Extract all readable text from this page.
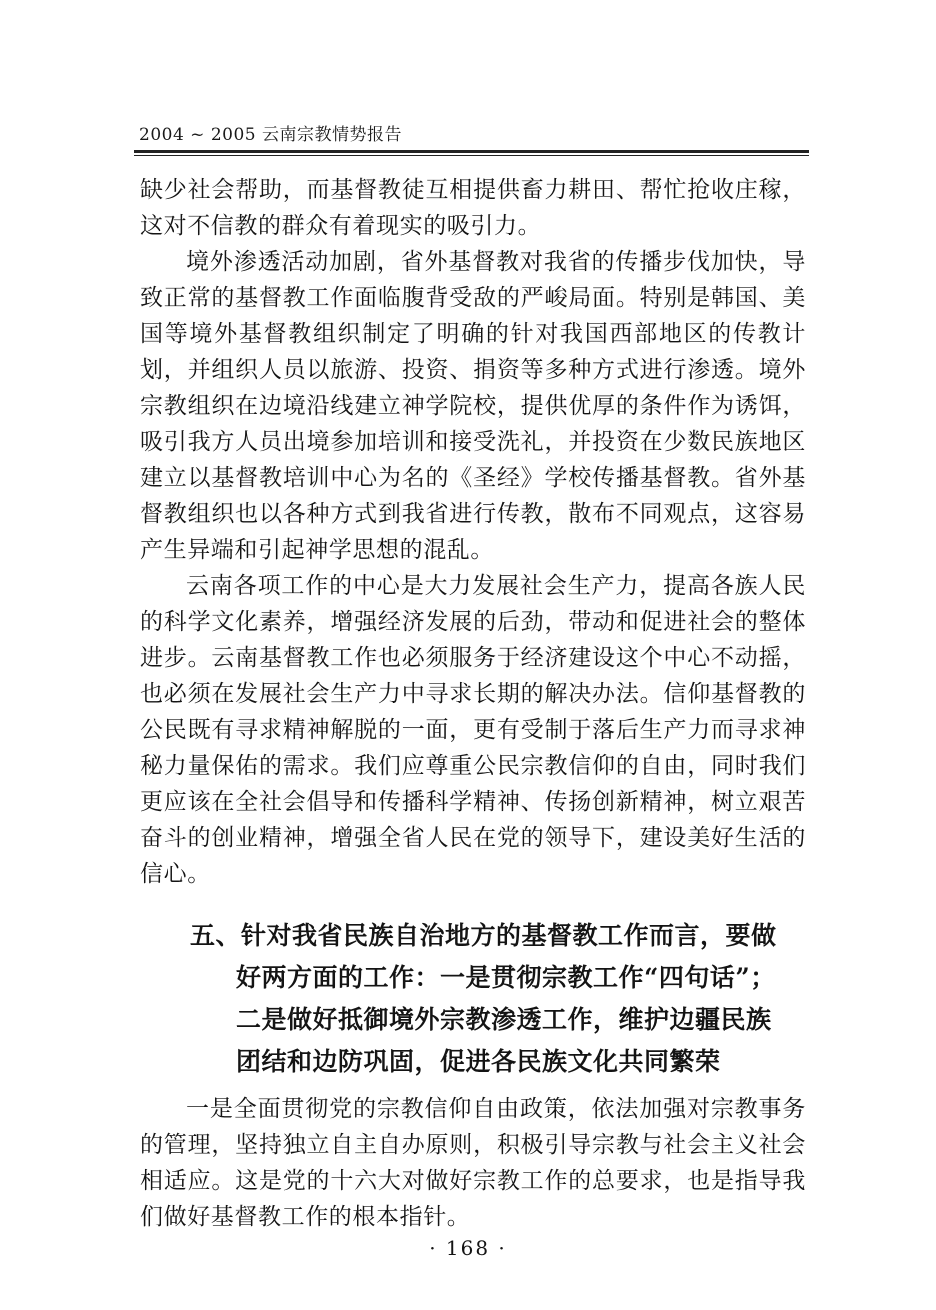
2004 ~ 2005 云南宗教情势报告

缺少社会帮助，而基督教徒互相提供畜力耕田、帮忙抢收庄稼，这对不信教的群众有着现实的吸引力。

境外渗透活动加剧，省外基督教对我省的传播步伐加快，导致正常的基督教工作面临腹背受敌的严峻局面。特别是韩国、美国等境外基督教组织制定了明确的针对我国西部地区的传教计划，并组织人员以旅游、投资、捐资等多种方式进行渗透。境外宗教组织在边境沿线建立神学院校，提供优厚的条件作为诱饵，吸引我方人员出境参加培训和接受洗礼，并投资在少数民族地区建立以基督教培训中心为名的《圣经》学校传播基督教。省外基督教组织也以各种方式到我省进行传教，散布不同观点，这容易产生异端和引起神学思想的混乱。

云南各项工作的中心是大力发展社会生产力，提高各族人民的科学文化素养，增强经济发展的后劲，带动和促进社会的整体进步。云南基督教工作也必须服务于经济建设这个中心不动摇，也必须在发展社会生产力中寻求长期的解决办法。信仰基督教的公民既有寻求精神解脱的一面，更有受制于落后生产力而寻求神秘力量保佑的需求。我们应尊重公民宗教信仰的自由，同时我们更应该在全社会倡导和传播科学精神、传扬创新精神，树立艰苦奋斗的创业精神，增强全省人民在党的领导下，建设美好生活的信心。

五、针对我省民族自治地方的基督教工作而言，要做
好两方面的工作：一是贯彻宗教工作“四句话”；
二是做好抵御境外宗教渗透工作，维护边疆民族
团结和边防巩固，促进各民族文化共同繁荣

一是全面贯彻党的宗教信仰自由政策，依法加强对宗教事务的管理，坚持独立自主自办原则，积极引导宗教与社会主义社会相适应。这是党的十六大对做好宗教工作的总要求，也是指导我们做好基督教工作的根本指针。

· 168 ·
